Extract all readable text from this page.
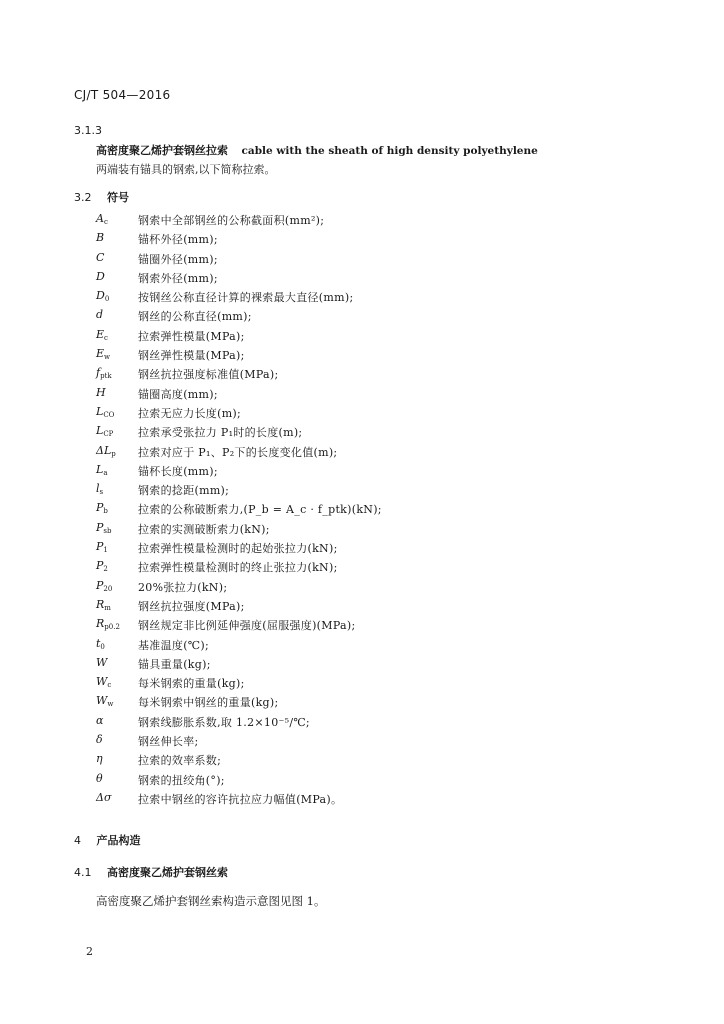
CJ/T 504—2016
3.1.3
高密度聚乙烯护套钢丝拉索 cable with the sheath of high density polyethylene
两端装有锚具的钢索,以下简称拉索。
3.2 符号
$A_c$	钢索中全部钢丝的公称截面积(mm²);
B	锚杯外径(mm);
C	锚圈外径(mm);
D	钢索外径(mm);
$D_0$	按钢丝公称直径计算的裸索最大直径(mm);
d	钢丝的公称直径(mm);
$E_c$	拉索弹性模量(MPa);
$E_w$	钢丝弹性模量(MPa);
$f_{ptk}$ 钢丝抗拉强度标准值(MPa);
H	锚圈高度(mm);
$L_{CO}$ 拉索无应力长度(m);
$L_{CP}$ 拉索承受张拉力 P₁时的长度(m);
$\Delta L_p$ 拉索对应于 P₁、P₂下的长度变化值(m);
$L_a$	锚杯长度(mm);
$l_s$	钢索的捻距(mm);
$P_b$	拉索的公称破断索力,(P_b = A_c · f_ptk)(kN);
$P_{sb}$ 拉索的实测破断索力(kN);
$P_1$	拉索弹性模量检测时的起始张拉力(kN);
$P_2$	拉索弹性模量检测时的终止张拉力(kN);
$P_{20}$ 20%张拉力(kN);
$R_m$ 钢丝抗拉强度(MPa);
$R_{p0.2}$ 钢丝规定非比例延伸强度(屈服强度)(MPa);
$t_0$	基准温度(℃);
W	锚具重量(kg);
$W_c$ 每米钢索的重量(kg);
$W_w$ 每米钢索中钢丝的重量(kg);
α	钢索线膨胀系数,取 1.2×10⁻⁵/℃;
δ	钢丝伸长率;
η	拉索的效率系数;
θ	钢索的扭绞角(°);
Δσ 拉索中钢丝的容许抗拉应力幅值(MPa)。
4 产品构造
4.1 高密度聚乙烯护套钢丝索
高密度聚乙烯护套钢丝索构造示意图见图 1。
2
